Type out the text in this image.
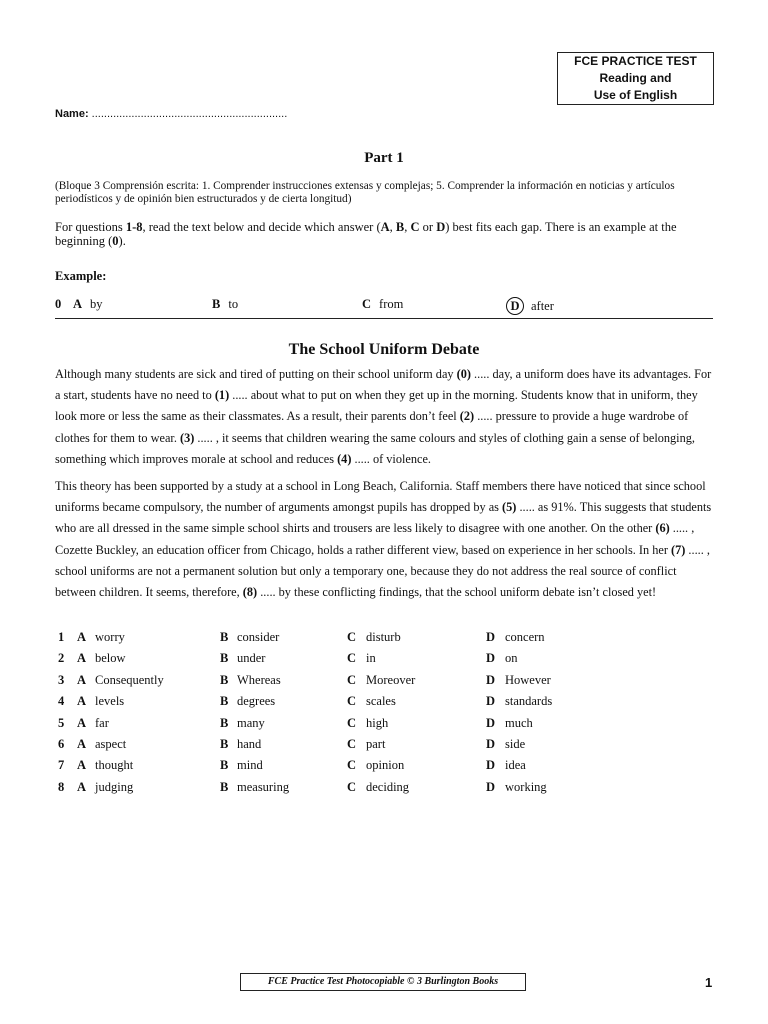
FCE PRACTICE TEST
Reading and
Use of English
Name: ................................................................
Part 1
(Bloque 3 Comprensión escrita: 1. Comprender instrucciones extensas y complejas; 5. Comprender la información en noticias y artículos periodísticos y de opinión bien estructurados y de cierta longitud)
For questions 1-8, read the text below and decide which answer (A, B, C or D) best fits each gap. There is an example at the beginning (0).
Example:
0 A by	B to	C from	D after
The School Uniform Debate
Although many students are sick and tired of putting on their school uniform day (0) ..... day, a uniform does have its advantages. For a start, students have no need to (1) ..... about what to put on when they get up in the morning. Students know that in uniform, they look more or less the same as their classmates. As a result, their parents don’t feel (2) ..... pressure to provide a huge wardrobe of clothes for them to wear. (3) ..... , it seems that children wearing the same colours and styles of clothing gain a sense of belonging, something which improves morale at school and reduces (4) ..... of violence.
This theory has been supported by a study at a school in Long Beach, California. Staff members there have noticed that since school uniforms became compulsory, the number of arguments amongst pupils has dropped by as (5) ..... as 91%. This suggests that students who are all dressed in the same simple school shirts and trousers are less likely to disagree with one another. On the other (6) ..... , Cozette Buckley, an education officer from Chicago, holds a rather different view, based on experience in her schools. In her (7) ..... , school uniforms are not a permanent solution but only a temporary one, because they do not address the real source of conflict between children. It seems, therefore, (8) ..... by these conflicting findings, that the school uniform debate isn’t closed yet!
1 A worry	B consider	C disturb	D concern
2 A below	B under	C in	D on
3 A Consequently	B Whereas	C Moreover	D However
4 A levels	B degrees	C scales	D standards
5 A far	B many	C high	D much
6 A aspect	B hand	C part	D side
7 A thought	B mind	C opinion	D idea
8 A judging	B measuring	C deciding	D working
FCE Practice Test Photocopiable © 3 Burlington Books	1
